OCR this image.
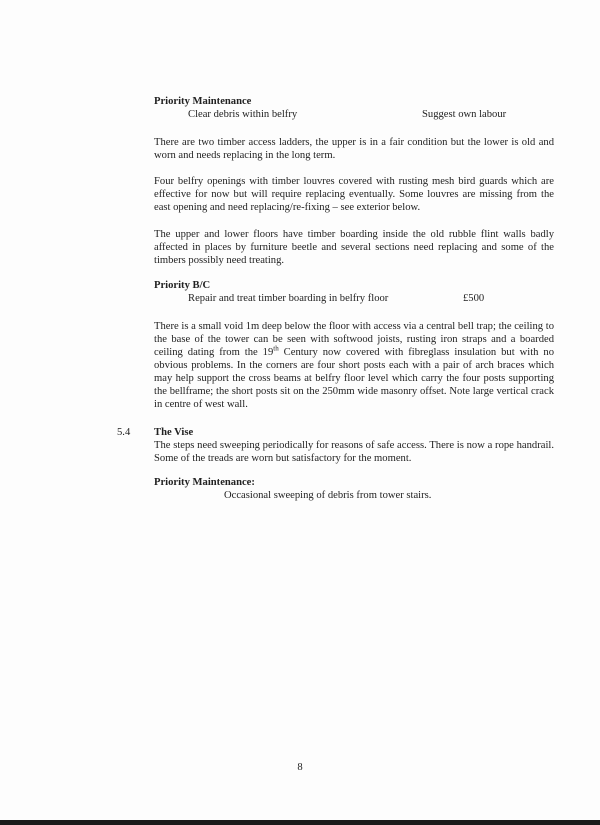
Priority Maintenance
Clear debris within belfry	Suggest own labour
There are two timber access ladders, the upper is in a fair condition but the lower is old and worn and needs replacing in the long term.
Four belfry openings with timber louvres covered with rusting mesh bird guards which are effective for now but will require replacing eventually. Some louvres are missing from the east opening and need replacing/re-fixing – see exterior below.
The upper and lower floors have timber boarding inside the old rubble flint walls badly affected in places by furniture beetle and several sections need replacing and some of the timbers possibly need treating.
Priority B/C
Repair and treat timber boarding in belfry floor	£500
There is a small void 1m deep below the floor with access via a central bell trap; the ceiling to the base of the tower can be seen with softwood joists, rusting iron straps and a boarded ceiling dating from the 19th Century now covered with fibreglass insulation but with no obvious problems. In the corners are four short posts each with a pair of arch braces which may help support the cross beams at belfry floor level which carry the four posts supporting the bellframe; the short posts sit on the 250mm wide masonry offset. Note large vertical crack in centre of west wall.
5.4 The Vise
The steps need sweeping periodically for reasons of safe access. There is now a rope handrail. Some of the treads are worn but satisfactory for the moment.
Priority Maintenance:
Occasional sweeping of debris from tower stairs.
8
